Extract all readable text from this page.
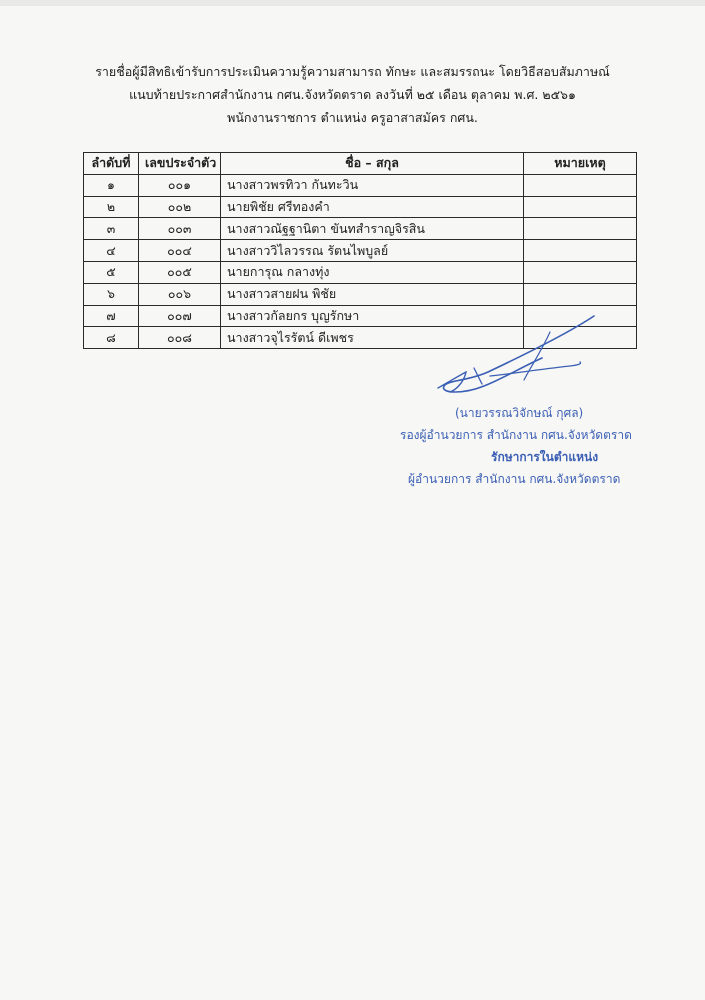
รายชื่อผู้มีสิทธิเข้ารับการประเมินความรู้ความสามารถ ทักษะ และสมรรถนะ โดยวิธีสอบสัมภาษณ์
แนบท้ายประกาศสำนักงาน กศน.จังหวัดตราด ลงวันที่ ๒๕ เดือน ตุลาคม พ.ศ. ๒๕๖๑
พนักงานราชการ ตำแหน่ง ครูอาสาสมัคร กศน.
ลำดับที่	เลขประจำตัว	ชื่อ – สกุล	หมายเหตุ
๑	๐๐๑	นางสาวพรทิวา กันทะวิน	
๒	๐๐๒	นายพิชัย ศรีทองคำ	
๓	๐๐๓	นางสาวณัฐฐานิตา ขันทสำราญจิรสิน	
๔	๐๐๔	นางสาววิไลวรรณ รัตนไพบูลย์	
๕	๐๐๕	นายการุณ กลางทุ่ง	
๖	๐๐๖	นางสาวสายฝน พิชัย	
๗	๐๐๗	นางสาวกัลยกร บุญรักษา	
๘	๐๐๘	นางสาวจุไรรัตน์ ดีเพชร	
(นายวรรณวิจักษณ์ กุศล)
รองผู้อำนวยการ สำนักงาน กศน.จังหวัดตราด
รักษาการในตำแหน่ง
ผู้อำนวยการ สำนักงาน กศน.จังหวัดตราด
